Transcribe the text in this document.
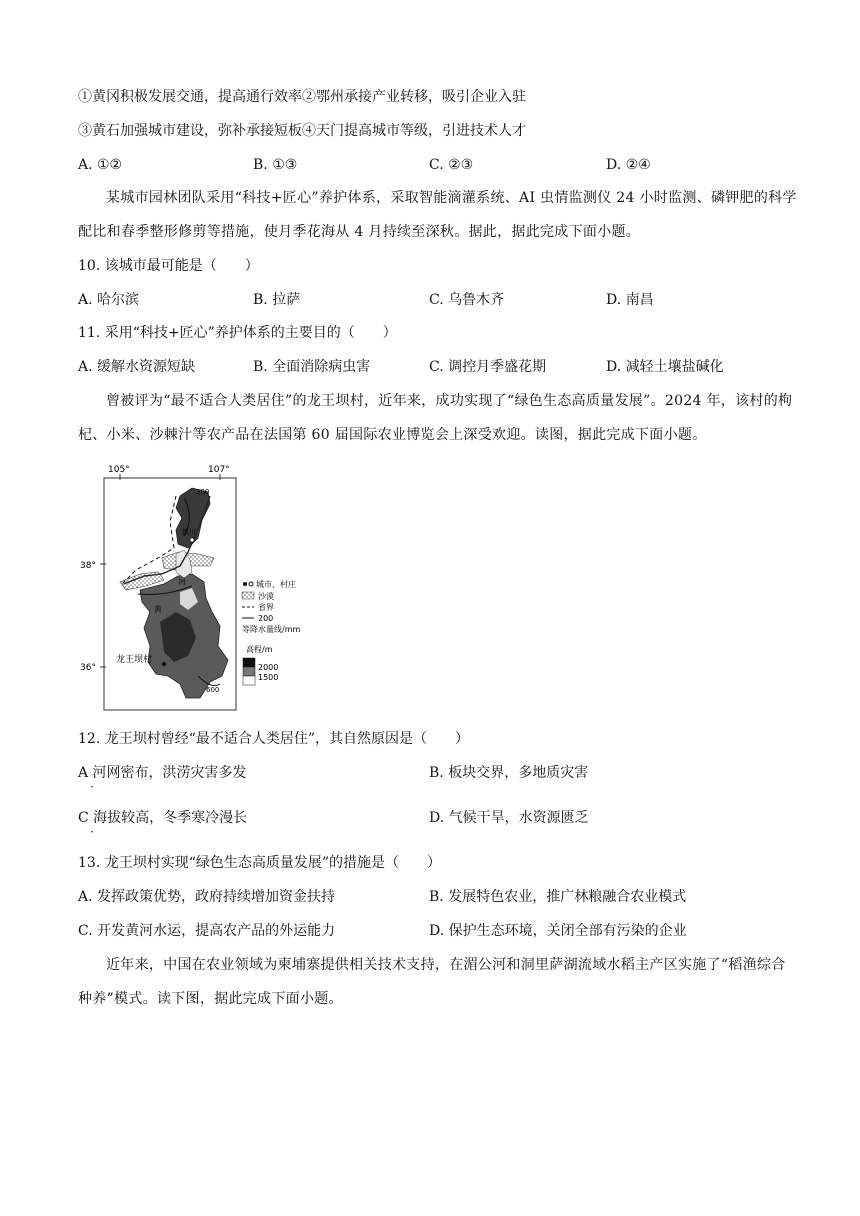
①黄冈积极发展交通，提高通行效率②鄂州承接产业转移，吸引企业入驻
③黄石加强城市建设，弥补承接短板④天门提高城市等级，引进技术人才
A. ①②	B. ①③	C. ②③	D. ②④
某城市园林团队采用“科技+匠心”养护体系，采取智能滴灌系统、AI 虫情监测仪 24 小时监测、磷钾肥的科学配比和春季整形修剪等措施，使月季花海从 4 月持续至深秋。据此，据此完成下面小题。
10. 该城市最可能是（　　）
A. 哈尔滨	B. 拉萨	C. 乌鲁木齐	D. 南昌
11. 采用“科技+匠心”养护体系的主要目的（　　）
A. 缓解水资源短缺	B. 全面消除病虫害	C. 调控月季盛花期	D. 减轻土壤盐碱化
曾被评为“最不适合人类居住”的龙王坝村，近年来，成功实现了“绿色生态高质量发展”。2024 年，该村的枸杞、小米、沙棘汁等农产品在法国第 60 届国际农业博览会上深受欢迎。读图，据此完成下面小题。
105°	107°
38°
36°
300
银川
河
黄
龙王坝村
600
城市、村庄
沙漠
省界
200
等降水量线/mm
高程/m
2000
1500
12. 龙王坝村曾经“最不适合人类居住”，其自然原因是（　　）
A 河网密布，洪涝灾害多发
·
B. 板块交界，多地质灾害
C 海拔较高，冬季寒冷漫长
·
D. 气候干旱，水资源匮乏
13. 龙王坝村实现“绿色生态高质量发展”的措施是（　　）
A. 发挥政策优势，政府持续增加资金扶持	B. 发展特色农业，推广林粮融合农业模式
C. 开发黄河水运，提高农产品的外运能力	D. 保护生态环境，关闭全部有污染的企业
近年来，中国在农业领域为柬埔寨提供相关技术支持，在湄公河和洞里萨湖流域水稻主产区实施了“稻渔综合种养”模式。读下图，据此完成下面小题。
